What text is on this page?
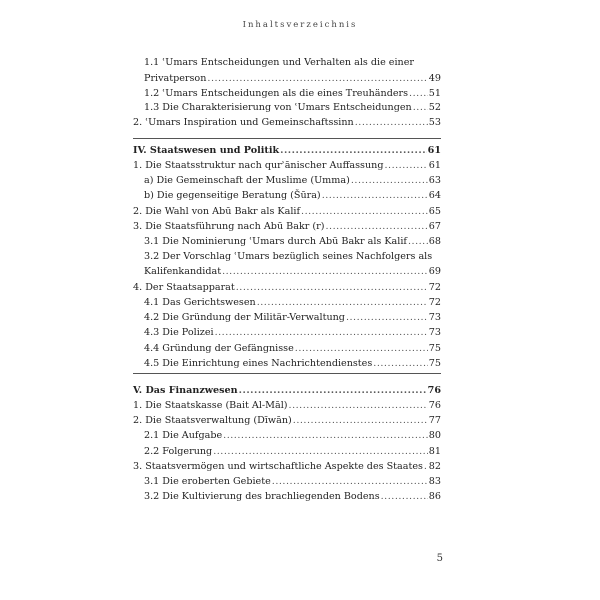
Inhaltsverzeichnis
1.1 ʿUmars Entscheidungen und Verhalten als die einer
Privatperson .....	49
1.2 ʿUmars Entscheidungen als die eines Treuhänders ..... 51
1.3 Die Charakterisierung von ʿUmars Entscheidungen ..... 52
2. ʿUmars Inspiration und Gemeinschaftssinn .....	53
IV. Staatswesen und Politik .....	61
1. Die Staatsstruktur nach qurʾānischer Auffassung .....	61
a) Die Gemeinschaft der Muslime (Umma) .....	63
b) Die gegenseitige Beratung (Šūra) .....	64
2. Die Wahl von Abū Bakr als Kalif .....	65
3. Die Staatsführung nach Abū Bakr (r) .....	67
3.1 Die Nominierung ʿUmars durch Abū Bakr als Kalif ..... 68
3.2 Der Vorschlag ʿUmars bezüglich seines Nachfolgers als
Kalifenkandidat .....	69
4. Der Staatsapparat .....	72
4.1 Das Gerichtswesen .....	72
4.2 Die Gründung der Militär-Verwaltung .....	73
4.3 Die Polizei .....	73
4.4 Gründung der Gefängnisse .....	75
4.5 Die Einrichtung eines Nachrichtendienstes .....	75
V. Das Finanzwesen .....	76
1. Die Staatskasse (Bait Al-Māl) .....	76
2. Die Staatsverwaltung (Dīwān) .....	77
2.1 Die Aufgabe .....	80
2.2 Folgerung .....	81
3. Staatsvermögen und wirtschaftliche Aspekte des Staates ..... 82
3.1 Die eroberten Gebiete .....	83
3.2 Die Kultivierung des brachliegenden Bodens .....	86
5
